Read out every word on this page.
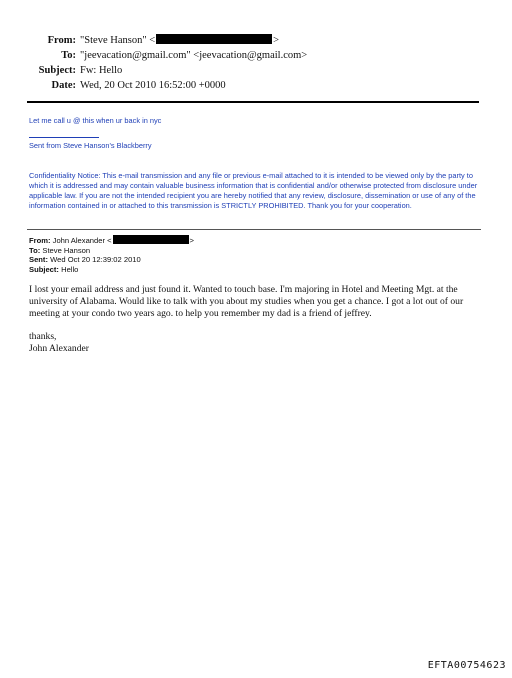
From: "Steve Hanson" <	>
To: "jeevacation@gmail.com" <jeevacation@gmail.com>
Subject: Fw: Hello
Date: Wed, 20 Oct 2010 16:52:00 +0000
Let me call u @ this when ur back in nyc
Sent from Steve Hanson's Blackberry
Confidentiality Notice: This e-mail transmission and any file or previous e-mail attached to it is intended to be viewed only by the party to which it is addressed and may contain valuable business information that is confidential and/or otherwise protected from disclosure under applicable law. If you are not the intended recipient you are hereby notified that any review, disclosure, dissemination or use of any of the information contained in or attached to this transmission is STRICTLY PROHIBITED. Thank you for your cooperation.
From: John Alexander <	>
To: Steve Hanson
Sent: Wed Oct 20 12:39:02 2010
Subject: Hello
I lost your email address and just found it. Wanted to touch base. I'm majoring in Hotel and Meeting Mgt. at the university of Alabama. Would like to talk with you about my studies when you get a chance. I got a lot out of our meeting at your condo two years ago. to help you remember my dad is a friend of jeffrey.
thanks,
John Alexander
EFTA00754623
